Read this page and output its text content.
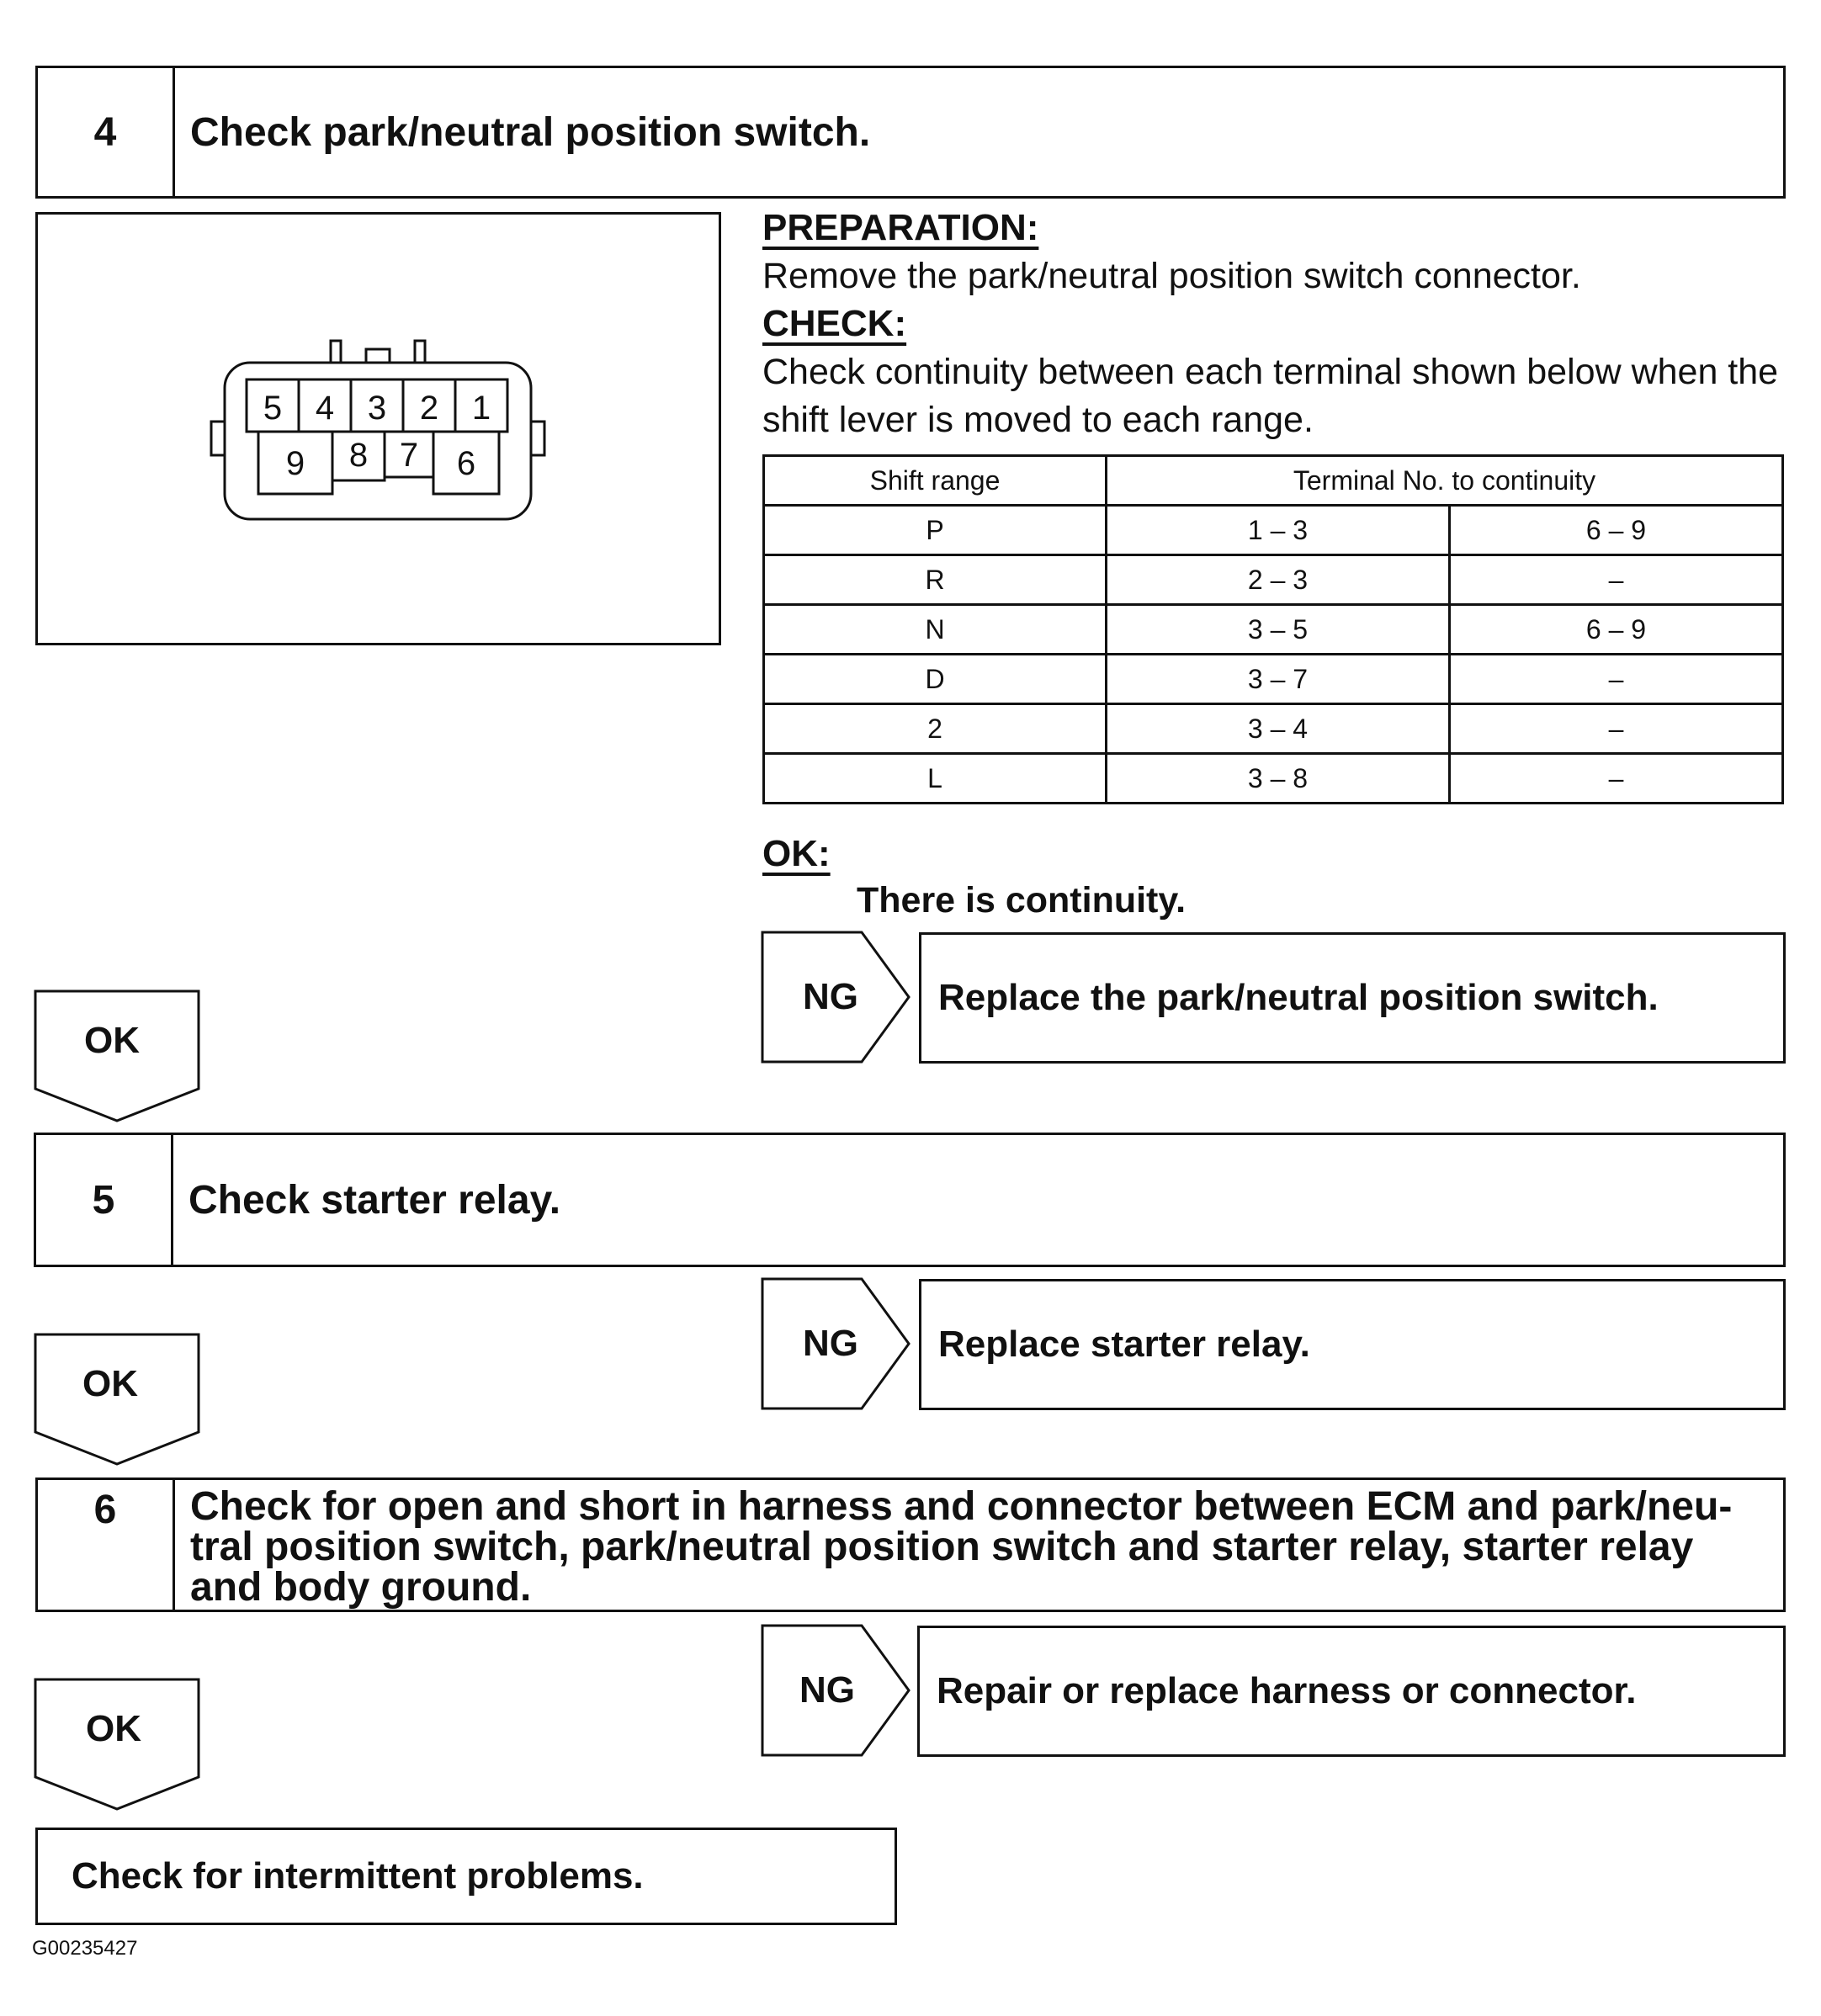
4	Check park/neutral position switch.
5 4 3 2 1
9 8 7 6
PREPARATION:
Remove the park/neutral position switch connector.
CHECK:
Check continuity between each terminal shown below when the
shift lever is moved to each range.
Shift range	Terminal No. to continuity	
P	1 – 3	6 – 9
R	2 – 3	–
N	3 – 5	6 – 9
D	3 – 7	–
2	3 – 4	–
L	3 – 8	–
OK:
There is continuity.
NG	Replace the park/neutral position switch.
OK
5	Check starter relay.
NG	Replace starter relay.
OK
6	Check for open and short in harness and connector between ECM and park/neu-
tral position switch, park/neutral position switch and starter relay, starter relay
and body ground.
NG	Repair or replace harness or connector.
OK
Check for intermittent problems.
G00235427
